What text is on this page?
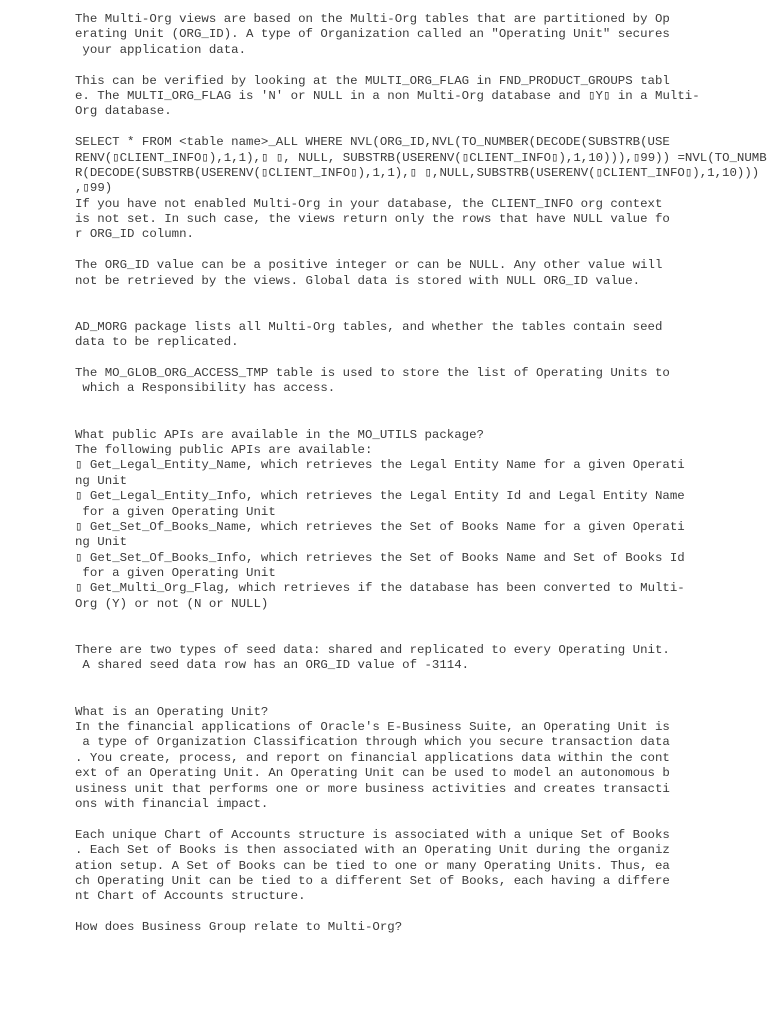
The Multi-Org views are based on the Multi-Org tables that are partitioned by Op
erating Unit (ORG_ID). A type of Organization called an "Operating Unit" secures
your application data.
This can be verified by looking at the MULTI_ORG_FLAG in FND_PRODUCT_GROUPS tabl
e. The MULTI_ORG_FLAG is 'N' or NULL in a non Multi-Org database and ▯Y▯ in a Multi-
Org database.
SELECT * FROM <table name>_ALL WHERE NVL(ORG_ID,NVL(TO_NUMBER(DECODE(SUBSTRB(USE
RENV(▯CLIENT_INFO▯),1,1),▯ ▯, NULL, SUBSTRB(USERENV(▯CLIENT_INFO▯),1,10))),▯99)) =NVL(TO_NUMB
R(DECODE(SUBSTRB(USERENV(▯CLIENT_INFO▯),1,1),▯ ▯,NULL,SUBSTRB(USERENV(▯CLIENT_INFO▯),1,10)))
,▯99)
If you have not enabled Multi-Org in your database, the CLIENT_INFO org context
is not set. In such case, the views return only the rows that have NULL value fo
r ORG_ID column.
The ORG_ID value can be a positive integer or can be NULL. Any other value will
not be retrieved by the views. Global data is stored with NULL ORG_ID value.
AD_MORG package lists all Multi-Org tables, and whether the tables contain seed
data to be replicated.
The MO_GLOB_ORG_ACCESS_TMP table is used to store the list of Operating Units to
which a Responsibility has access.
What public APIs are available in the MO_UTILS package?
The following public APIs are available:
▯ Get_Legal_Entity_Name, which retrieves the Legal Entity Name for a given Operati
ng Unit
▯ Get_Legal_Entity_Info, which retrieves the Legal Entity Id and Legal Entity Name
for a given Operating Unit
▯ Get_Set_Of_Books_Name, which retrieves the Set of Books Name for a given Operati
ng Unit
▯ Get_Set_Of_Books_Info, which retrieves the Set of Books Name and Set of Books Id
for a given Operating Unit
▯ Get_Multi_Org_Flag, which retrieves if the database has been converted to Multi-
Org (Y) or not (N or NULL)
There are two types of seed data: shared and replicated to every Operating Unit.
A shared seed data row has an ORG_ID value of -3114.
What is an Operating Unit?
In the financial applications of Oracle's E-Business Suite, an Operating Unit is
a type of Organization Classification through which you secure transaction data
. You create, process, and report on financial applications data within the cont
ext of an Operating Unit. An Operating Unit can be used to model an autonomous b
usiness unit that performs one or more business activities and creates transacti
ons with financial impact.
Each unique Chart of Accounts structure is associated with a unique Set of Books
. Each Set of Books is then associated with an Operating Unit during the organiz
ation setup. A Set of Books can be tied to one or many Operating Units. Thus, ea
ch Operating Unit can be tied to a different Set of Books, each having a differe
nt Chart of Accounts structure.
How does Business Group relate to Multi-Org?
